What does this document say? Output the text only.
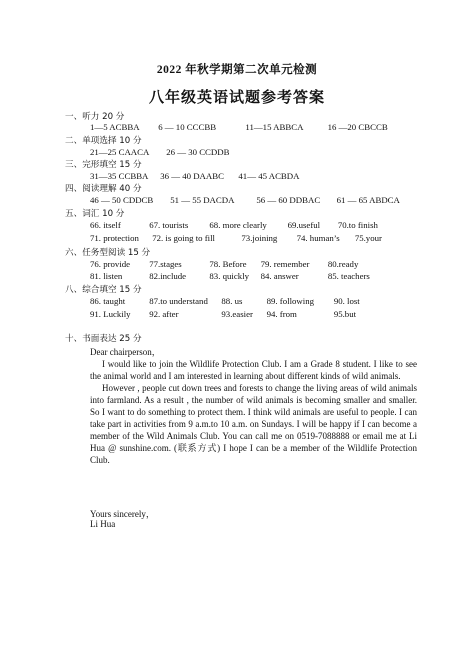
2022 年秋学期第二次单元检测
八年级英语试题参考答案
一、听力 20 分
1—5 ACBBA 6 — 10 CCCBB	11—15 ABBCA	16 —20 CBCCB
二、单项选择 10 分
21—25 CAACA 26 — 30 CCDDB
三、完形填空 15 分
31—35 CCBBA 36 — 40 DAABC 41— 45 ACBDA
四、阅读理解 40 分
46 — 50 CDDCB 51 — 55 DACDA 56 — 60 DDBAC 61 — 65 ABDCA
五、词汇 10 分
66. itself	67. tourists 68. more clearly 69.useful 70.to finish
71. protection 72. is going to fill	73.joining 74. human’s 75.your
六、任务型阅读 15 分
76. provide 77.stages	78. Before 79. remember 80.ready
81. listen	82.include	83. quickly 84. answer	85. teachers
八、综合填空 15 分
86. taught	87.to understand 88. us	89. following 90. lost
91. Luckily 92. after	93.easier 94. from	95.but
十、书面表达 25 分
Dear chairperson，

I would like to join the Wildlife Protection Club. I am a Grade 8 student. I like to see the animal world and I am interested in learning about different kinds of wild animals.

However , people cut down trees and forests to change the living areas of wild animals into farmland. As a result , the number of wild animals is becoming smaller and smaller. So I want to do something to protect them. I think wild animals are useful to people. I can take part in activities from 9 a.m.to 10 a.m. on Sundays. I will be happy if I can become a member of the Wild Animals Club. You can call me on 0519-7088888 or email me at Li Hua @ sunshine.com. (联系方式) I hope I can be a member of the Wildlife Protection Club.

Yours sincerely，
Li Hua
